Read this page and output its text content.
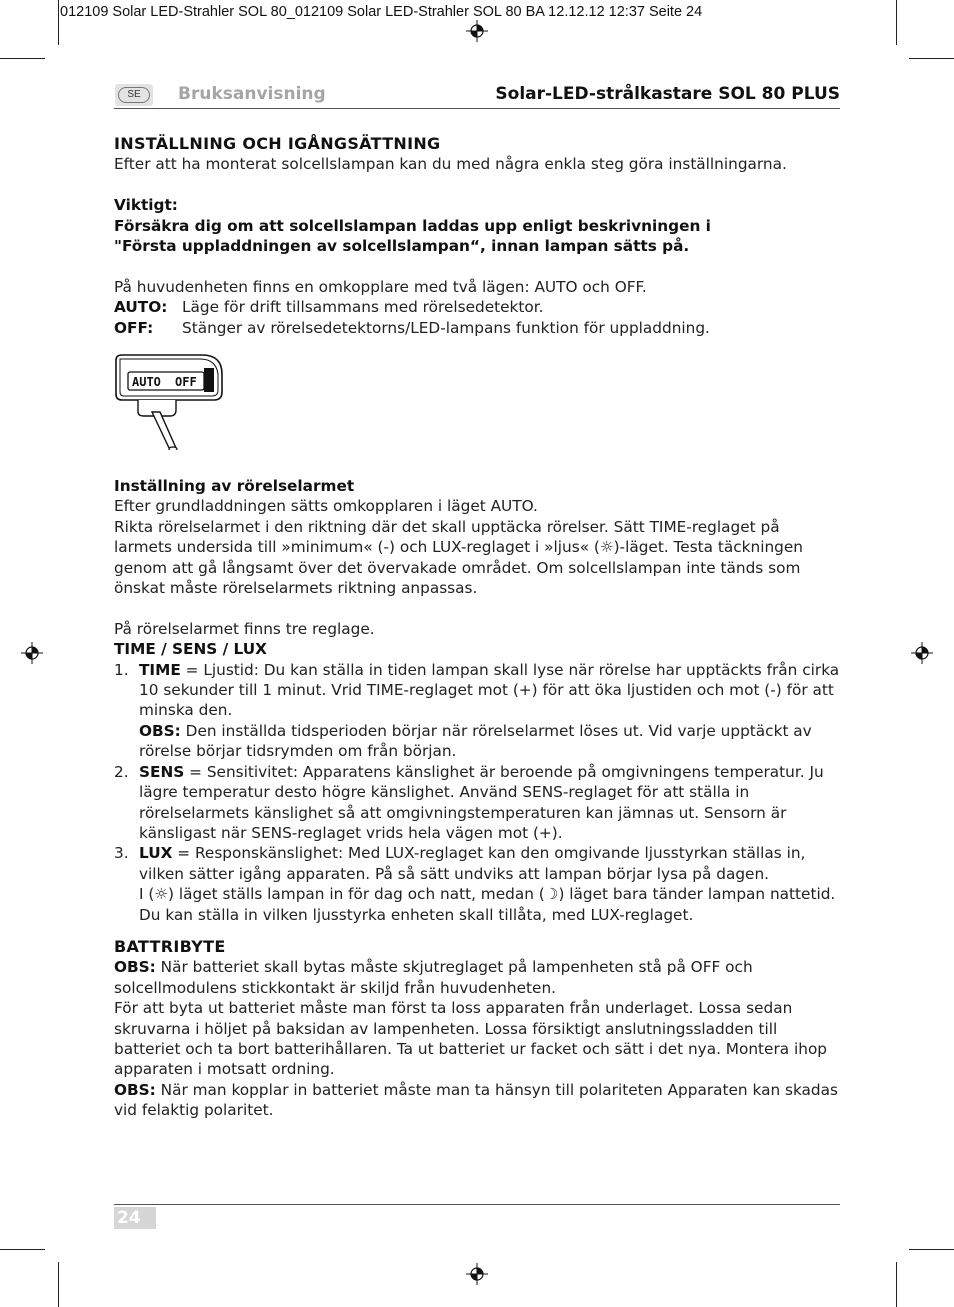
012109 Solar LED-Strahler SOL 80_012109 Solar LED-Strahler SOL 80 BA 12.12.12 12:37 Seite 24
SE	Bruksanvisning	Solar-LED-strålkastare SOL 80 PLUS

INSTÄLLNING OCH IGÅNGSÄTTNING

Efter att ha monterat solcellslampan kan du med några enkla steg göra inställningarna.

Viktigt:

Försäkra dig om att solcellslampan laddas upp enligt beskrivningen i

"Första uppladdningen av solcellslampan“, innan lampan sätts på.

På huvudenheten finns en omkopplare med två lägen: AUTO och OFF.

AUTO: Läge för drift tillsammans med rörelsedetektor.
OFF:	Stänger av rörelsedetektorns/LED-lampans funktion för uppladdning.
AUTO OFF

Inställning av rörelselarmet

Efter grundladdningen sätts omkopplaren i läget AUTO.

Rikta rörelselarmet i den riktning där det skall upptäcka rörelser. Sätt TIME-reglaget på larmets undersida till »minimum« (-) och LUX-reglaget i »ljus« (☼)-läget. Testa täckningen genom att gå långsamt över det övervakade området. Om solcellslampan inte tänds som önskat måste rörelselarmets riktning anpassas.

På rörelselarmet finns tre reglage.

TIME / SENS / LUX

1. TIME = Ljustid: Du kan ställa in tiden lampan skall lyse när rörelse har upptäckts från cirka 10 sekunder till 1 minut. Vrid TIME-reglaget mot (+) för att öka ljustiden och mot (-) för att minska den.

OBS: Den inställda tidsperioden börjar när rörelselarmet löses ut. Vid varje upptäckt av rörelse börjar tidsrymden om från början.

2. SENS = Sensitivitet: Apparatens känslighet är beroende på omgivningens temperatur. Ju lägre temperatur desto högre känslighet. Använd SENS-reglaget för att ställa in rörelselarmets känslighet så att omgivningstemperaturen kan jämnas ut. Sensorn är känsligast när SENS-reglaget vrids hela vägen mot (+).

3. LUX = Responskänslighet: Med LUX-reglaget kan den omgivande ljusstyrkan ställas in, vilken sätter igång apparaten. På så sätt undviks att lampan börjar lysa på dagen.

I (☼) läget ställs lampan in för dag och natt, medan (☽) läget bara tänder lampan nattetid.

Du kan ställa in vilken ljusstyrka enheten skall tillåta, med LUX-reglaget.

BATTRIBYTE

OBS: När batteriet skall bytas måste skjutreglaget på lampenheten stå på OFF och solcellmodulens stickkontakt är skiljd från huvudenheten.

För att byta ut batteriet måste man först ta loss apparaten från underlaget. Lossa sedan skruvarna i höljet på baksidan av lampenheten. Lossa försiktigt anslutningssladden till batteriet och ta bort batterihållaren. Ta ut batteriet ur facket och sätt i det nya. Montera ihop apparaten i motsatt ordning.

OBS: När man kopplar in batteriet måste man ta hänsyn till polariteten Apparaten kan skadas vid felaktig polaritet.

24
